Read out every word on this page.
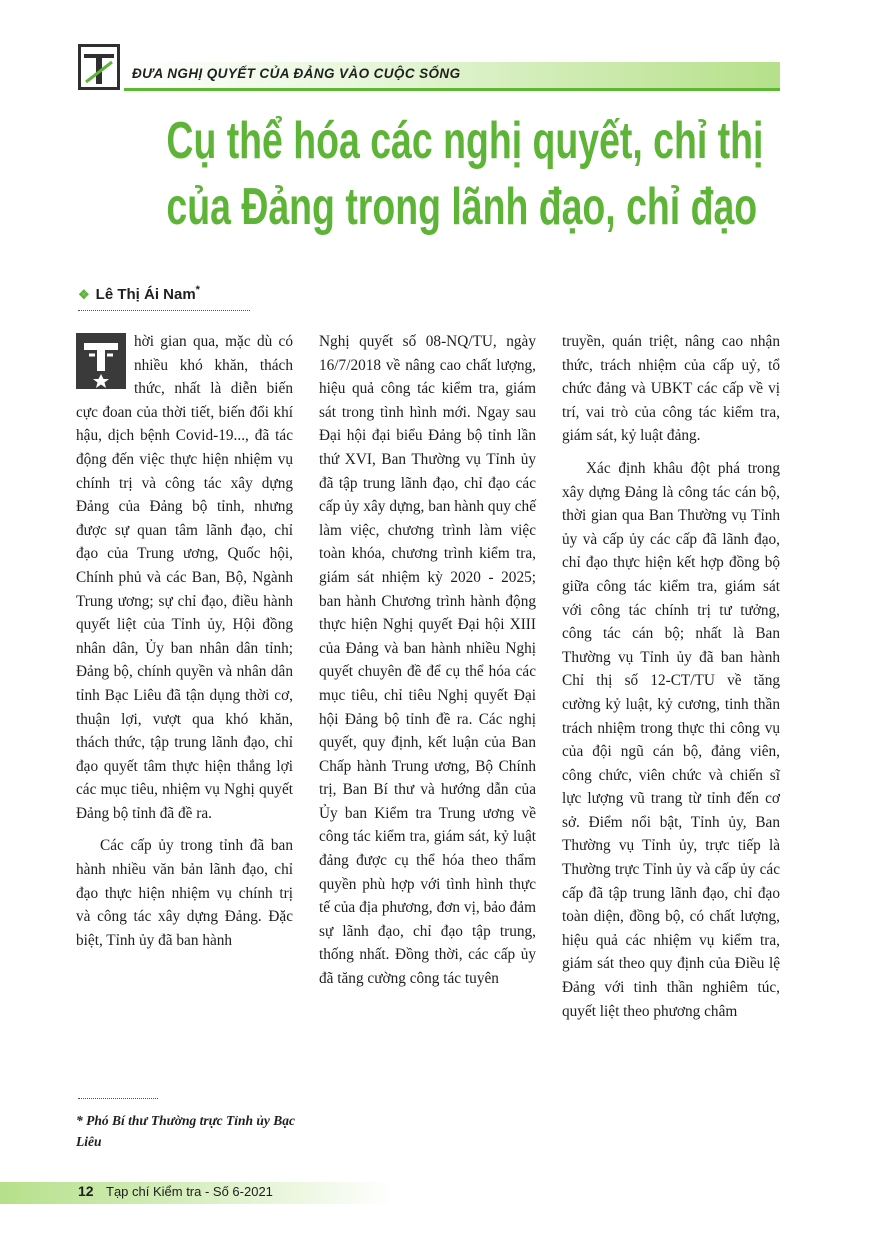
ĐƯA NGHỊ QUYẾT CỦA ĐẢNG VÀO CUỘC SỐNG
Cụ thể hóa các nghị quyết, chỉ thị
của Đảng trong lãnh đạo, chỉ đạo
❖ Lê Thị Ái Nam*

hời gian qua, mặc dù có nhiều khó khăn, thách thức, nhất là diễn biến cực đoan của thời tiết, biến đổi khí hậu, dịch bệnh Covid-19..., đã tác động đến việc thực hiện nhiệm vụ chính trị và công tác xây dựng Đảng của Đảng bộ tỉnh, nhưng được sự quan tâm lãnh đạo, chỉ đạo của Trung ương, Quốc hội, Chính phủ và các Ban, Bộ, Ngành Trung ương; sự chỉ đạo, điều hành quyết liệt của Tỉnh ủy, Hội đồng nhân dân, Ủy ban nhân dân tỉnh; Đảng bộ, chính quyền và nhân dân tỉnh Bạc Liêu đã tận dụng thời cơ, thuận lợi, vượt qua khó khăn, thách thức, tập trung lãnh đạo, chỉ đạo quyết tâm thực hiện thắng lợi các mục tiêu, nhiệm vụ Nghị quyết Đảng bộ tỉnh đã đề ra.

Các cấp ủy trong tỉnh đã ban hành nhiều văn bản lãnh đạo, chỉ đạo thực hiện nhiệm vụ chính trị và công tác xây dựng Đảng. Đặc biệt, Tỉnh ủy đã ban hành

Nghị quyết số 08-NQ/TU, ngày 16/7/2018 về nâng cao chất lượng, hiệu quả công tác kiểm tra, giám sát trong tình hình mới. Ngay sau Đại hội đại biểu Đảng bộ tỉnh lần thứ XVI, Ban Thường vụ Tỉnh ủy đã tập trung lãnh đạo, chỉ đạo các cấp ủy xây dựng, ban hành quy chế làm việc, chương trình làm việc toàn khóa, chương trình kiểm tra, giám sát nhiệm kỳ 2020 - 2025; ban hành Chương trình hành động thực hiện Nghị quyết Đại hội XIII của Đảng và ban hành nhiều Nghị quyết chuyên đề để cụ thể hóa các mục tiêu, chỉ tiêu Nghị quyết Đại hội Đảng bộ tỉnh đề ra. Các nghị quyết, quy định, kết luận của Ban Chấp hành Trung ương, Bộ Chính trị, Ban Bí thư và hướng dẫn của Ủy ban Kiểm tra Trung ương về công tác kiểm tra, giám sát, kỷ luật đảng được cụ thể hóa theo thẩm quyền phù hợp với tình hình thực tế của địa phương, đơn vị, bảo đảm sự lãnh đạo, chỉ đạo tập trung, thống nhất. Đồng thời, các cấp ủy đã tăng cường công tác tuyên

truyền, quán triệt, nâng cao nhận thức, trách nhiệm của cấp uỷ, tổ chức đảng và UBKT các cấp về vị trí, vai trò của công tác kiểm tra, giám sát, kỷ luật đảng.

Xác định khâu đột phá trong xây dựng Đảng là công tác cán bộ, thời gian qua Ban Thường vụ Tỉnh ủy và cấp ủy các cấp đã lãnh đạo, chỉ đạo thực hiện kết hợp đồng bộ giữa công tác kiểm tra, giám sát với công tác chính trị tư tưởng, công tác cán bộ; nhất là Ban Thường vụ Tỉnh ủy đã ban hành Chỉ thị số 12-CT/TU về tăng cường kỷ luật, kỷ cương, tinh thần trách nhiệm trong thực thi công vụ của đội ngũ cán bộ, đảng viên, công chức, viên chức và chiến sĩ lực lượng vũ trang từ tỉnh đến cơ sở. Điểm nổi bật, Tỉnh ủy, Ban Thường vụ Tỉnh ủy, trực tiếp là Thường trực Tỉnh ủy và cấp ủy các cấp đã tập trung lãnh đạo, chỉ đạo toàn diện, đồng bộ, có chất lượng, hiệu quả các nhiệm vụ kiểm tra, giám sát theo quy định của Điều lệ Đảng với tinh thần nghiêm túc, quyết liệt theo phương châm

* Phó Bí thư Thường trực Tỉnh ủy Bạc Liêu
12 Tạp chí Kiểm tra - Số 6-2021
